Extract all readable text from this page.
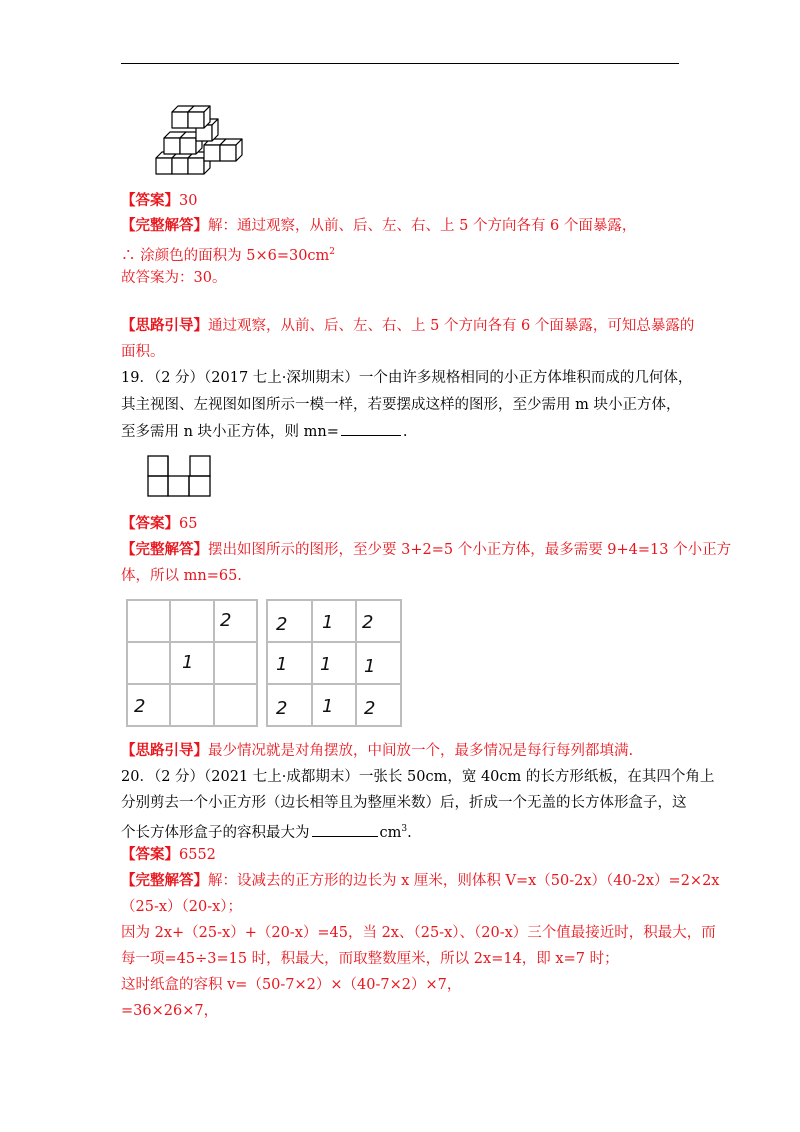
【答案】30
【完整解答】解：通过观察，从前、后、左、右、上 5 个方向各有 6 个面暴露，
∴ 涂颜色的面积为 $5\times 6=30cm^2$
故答案为：30。
【思路引导】通过观察，从前、后、左、右、上 5 个方向各有 6 个面暴露，可知总暴露的
面积。
19．（2 分）（2017 七上·深圳期末）一个由许多规格相同的小正方体堆积而成的几何体，
其主视图、左视图如图所示一模一样，若要摆成这样的图形，至少需用 m 块小正方体，
至多需用 n 块小正方体，则 mn=	.
【答案】65
【完整解答】摆出如图所示的图形，至少要 3+2=5 个小正方体，最多需要 9+4=13 个小正方
体，所以 mn=65.
2
1
2
2 1 2
1 1 1
2 1 2
【思路引导】最少情况就是对角摆放，中间放一个，最多情况是每行每列都填满.
20．（2 分）（2021 七上·成都期末）一张长 50cm，宽 40cm 的长方形纸板，在其四个角上
分别剪去一个小正方形（边长相等且为整厘米数）后，折成一个无盖的长方体形盒子，这
个长方体形盒子的容积最大为	$cm^3$.
【答案】6552
【完整解答】解：设减去的正方形的边长为 x 厘米，则体积 V=x（50-2x）（40-2x）=2×2x
（25-x）（20-x）；
因为 2x+（25-x）+（20-x）=45，当 2x、（25-x）、（20-x）三个值最接近时，积最大，而
每一项=45÷3=15 时，积最大，而取整数厘米，所以 2x=14，即 x=7 时；
这时纸盒的容积 v=（50-7×2）×（40-7×2）×7，
=36×26×7，
